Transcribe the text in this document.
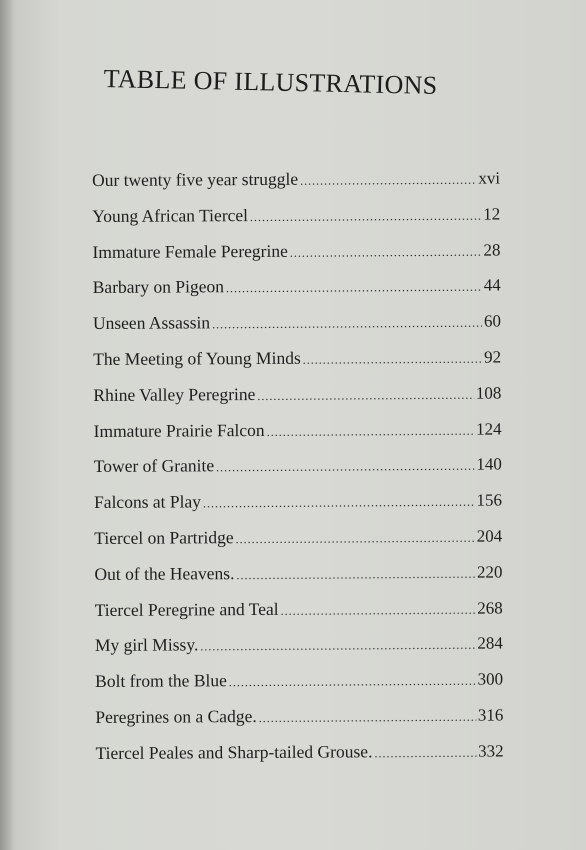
TABLE OF ILLUSTRATIONS
Our twenty five year struggle .....	xvi
Young African Tiercel .....	12
Immature Female Peregrine .....	28
Barbary on Pigeon .....	44
Unseen Assassin .....	60
The Meeting of Young Minds .....	92
Rhine Valley Peregrine .....	108
Immature Prairie Falcon .....	124
Tower of Granite .....	140
Falcons at Play .....	156
Tiercel on Partridge .....	204
Out of the Heavens. .....	220
Tiercel Peregrine and Teal .....	268
My girl Missy. .....	284
Bolt from the Blue .....	300
Peregrines on a Cadge. .....	316
Tiercel Peales and Sharp-tailed Grouse. .....	332
